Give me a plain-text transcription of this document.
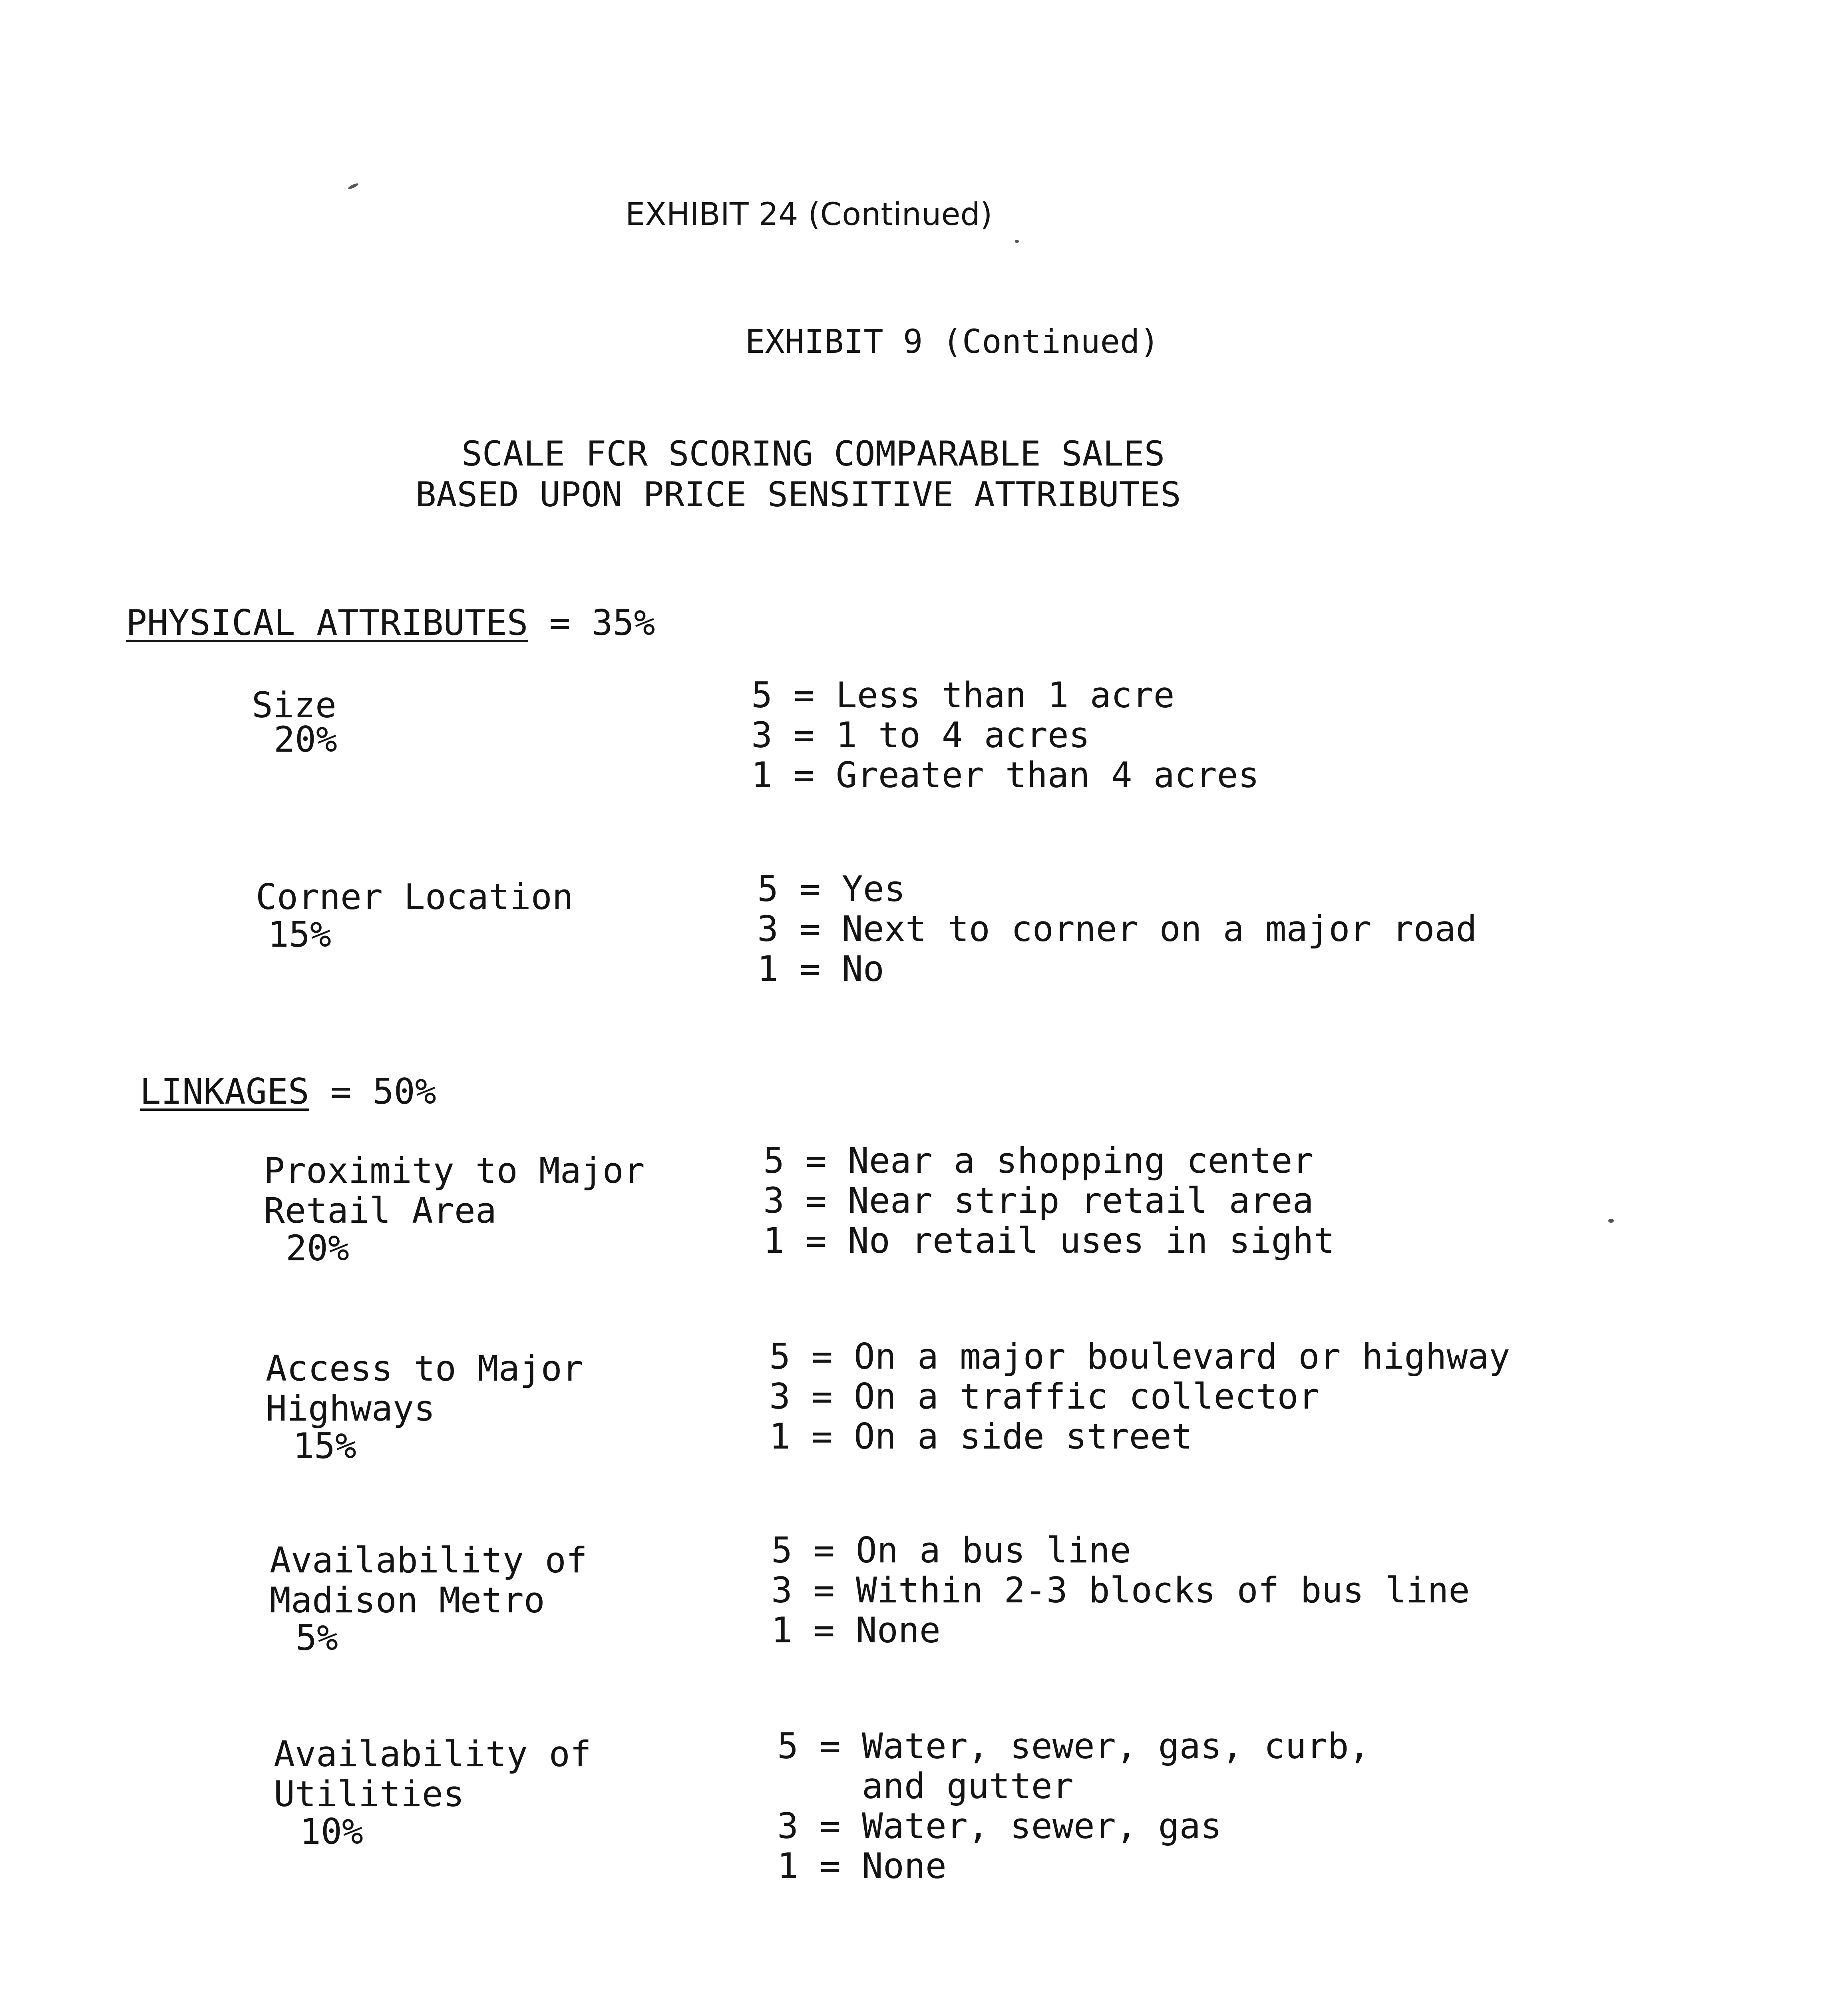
EXHIBIT 24 (Continued)
EXHIBIT 9 (Continued)
SCALE FCR SCORING COMPARABLE SALES
BASED UPON PRICE SENSITIVE ATTRIBUTES
PHYSICAL ATTRIBUTES = 35%
Size
20%
5 = Less than 1 acre
3 = 1 to 4 acres
1 = Greater than 4 acres
Corner Location
15%
5 = Yes
3 = Next to corner on a major road
1 = No
LINKAGES = 50%
Proximity to Major
Retail Area
20%
5 = Near a shopping center
3 = Near strip retail area
1 = No retail uses in sight
Access to Major
Highways
15%
5 = On a major boulevard or highway
3 = On a traffic collector
1 = On a side street
Availability of
Madison Metro
5%
5 = On a bus line
3 = Within 2-3 blocks of bus line
1 = None
Availability of
Utilities
10%
5 = Water, sewer, gas, curb,
and gutter
3 = Water, sewer, gas
1 = None
